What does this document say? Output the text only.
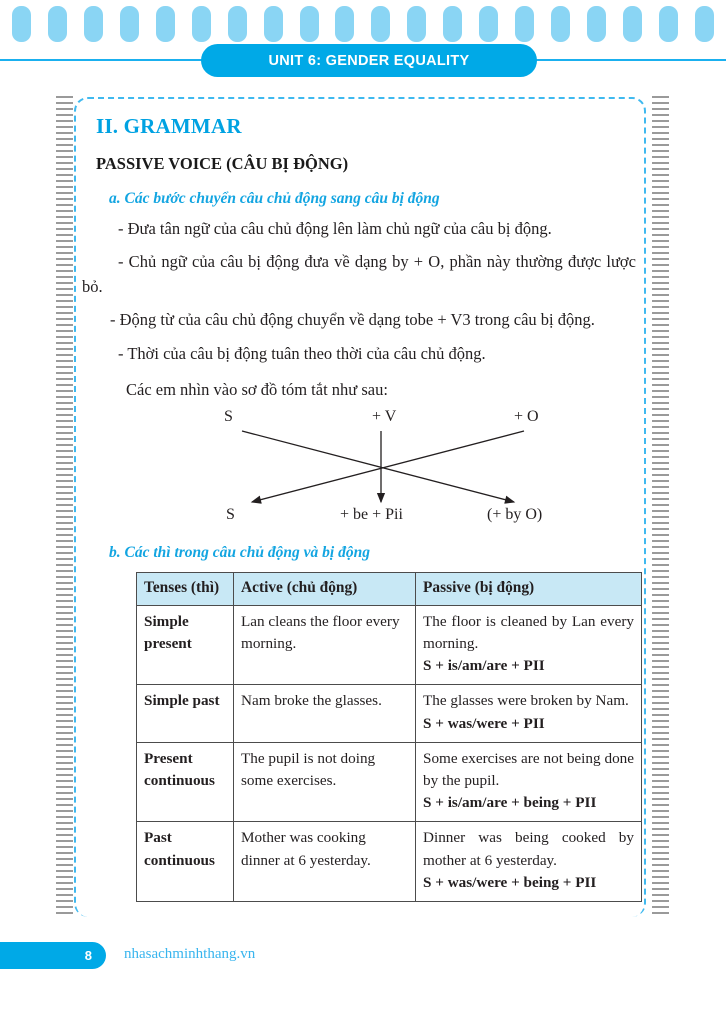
UNIT 6: GENDER EQUALITY
II. GRAMMAR
PASSIVE VOICE (CÂU BỊ ĐỘNG)
a. Các bước chuyển câu chủ động sang câu bị động

- Đưa tân ngữ của câu chủ động lên làm chủ ngữ của câu bị động.

- Chủ ngữ của câu bị động đưa về dạng by + O, phần này thường được lược bỏ.

- Động từ của câu chủ động chuyển về dạng tobe + V3 trong câu bị động.

- Thời của câu bị động tuân theo thời của câu chủ động.

Các em nhìn vào sơ đồ tóm tắt như sau:

S	+ V	+ O
S	+ be + Pii	(+ by O)
b. Các thì trong câu chủ động và bị động
Tenses (thì)	Active (chủ động)	Passive (bị động)
Simple present	Lan cleans the floor every morning.	The floor is cleaned by Lan every morning.
S + is/am/are + PII

Simple past	Nam broke the glasses.	The glasses were broken by Nam.
S + was/were + PII

Present continuous	The pupil is not doing some exercises.	Some exercises are not being done by the pupil.
S + is/am/are + being + PII

Past continuous	Mother was cooking dinner at 6 yesterday.	Dinner was being cooked by mother at 6 yesterday.
S + was/were + being + PII
8 nhasachminhthang.vn
